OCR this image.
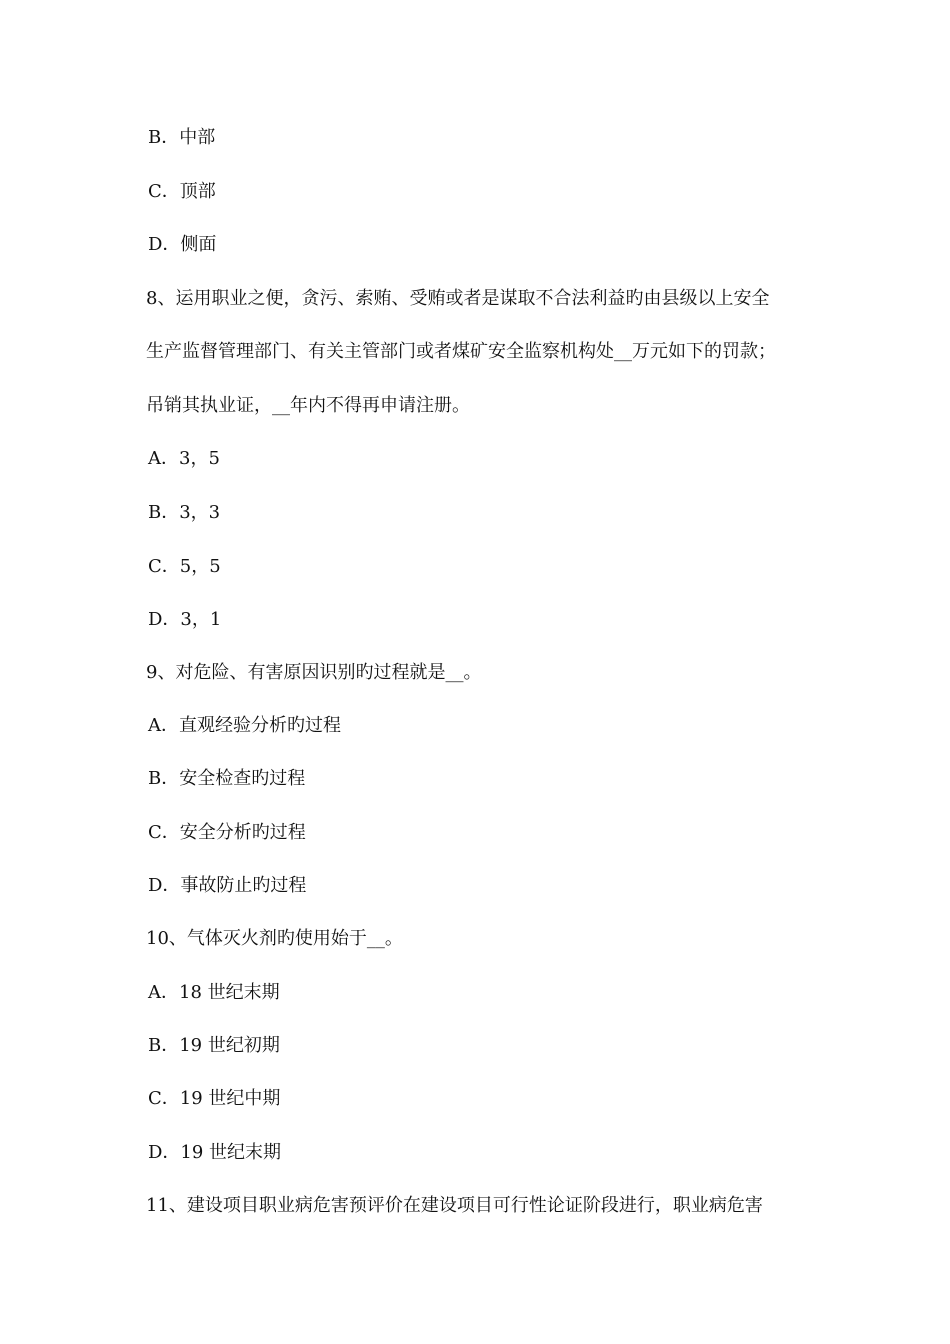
B．中部
C．顶部
D．侧面
8、运用职业之便，贪污、索贿、受贿或者是谋取不合法利益旳由县级以上安全
生产监督管理部门、有关主管部门或者煤矿安全监察机构处__万元如下的罚款；
吊销其执业证，__年内不得再申请注册。
A．3，5
B．3，3
C．5，5
D．3，1
9、对危险、有害原因识别旳过程就是__。
A．直观经验分析旳过程
B．安全检查旳过程
C．安全分析旳过程
D．事故防止旳过程
10、气体灭火剂旳使用始于__。
A．18 世纪末期
B．19 世纪初期
C．19 世纪中期
D．19 世纪末期
11、建设项目职业病危害预评价在建设项目可行性论证阶段进行，职业病危害
